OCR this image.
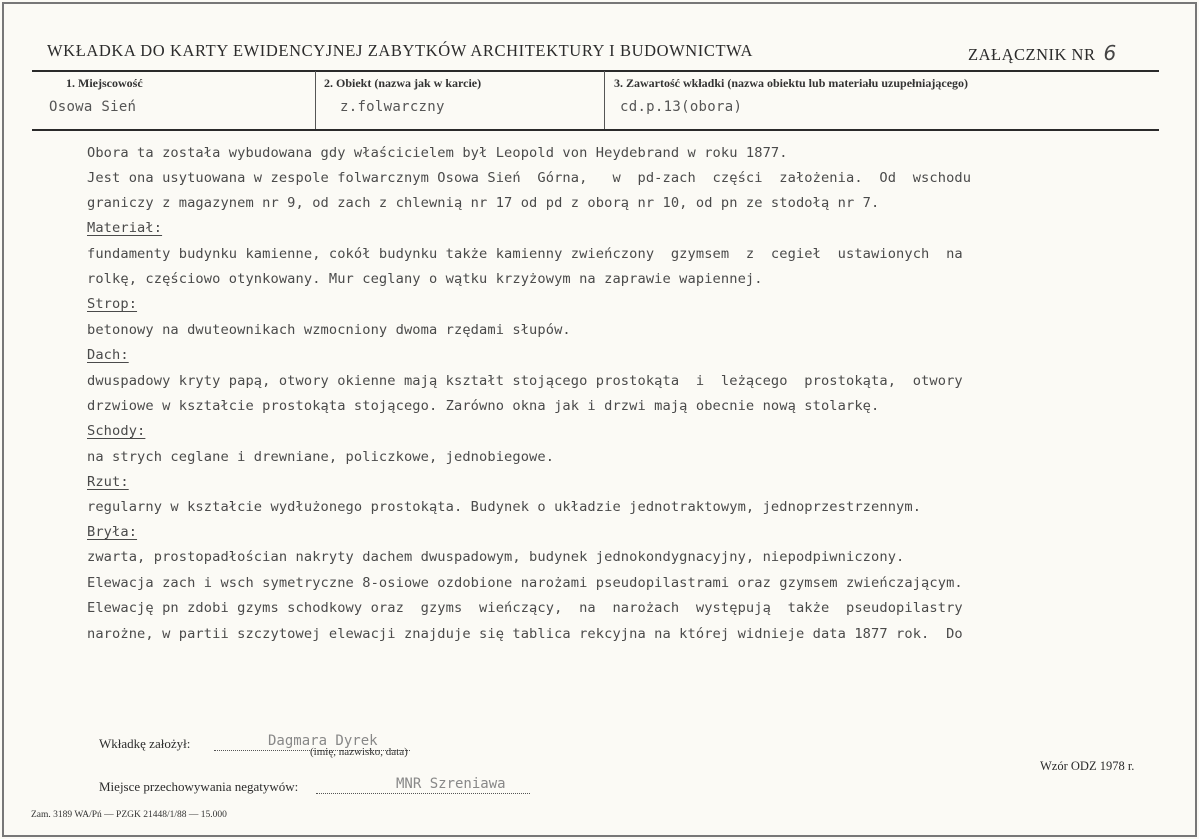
WKŁADKA DO KARTY EWIDENCYJNEJ ZABYTKÓW ARCHITEKTURY I BUDOWNICTWA	ZAŁĄCZNIK NR 6
1. Miejscowość
Osowa Sień
2. Obiekt (nazwa jak w karcie)
z.folwarczny
3. Zawartość wkładki (nazwa obiektu lub materiału uzupełniającego)
cd.p.13(obora)
Obora ta została wybudowana gdy właścicielem był Leopold von Heydebrand w roku 1877.
Jest ona usytuowana w zespole folwarcznym Osowa Sień  Górna,   w  pd-zach  części  założenia.  Od  wschodu
graniczy z magazynem nr 9, od zach z chlewnią nr 17 od pd z oborą nr 10, od pn ze stodołą nr 7.
Materiał:
fundamenty budynku kamienne, cokół budynku także kamienny zwieńczony  gzymsem  z  cegieł  ustawionych  na
rolkę, częściowo otynkowany. Mur ceglany o wątku krzyżowym na zaprawie wapiennej.
Strop:
betonowy na dwuteownikach wzmocniony dwoma rzędami słupów.
Dach:
dwuspadowy kryty papą, otwory okienne mają kształt stojącego prostokąta  i  leżącego  prostokąta,  otwory
drzwiowe w kształcie prostokąta stojącego. Zarówno okna jak i drzwi mają obecnie nową stolarkę.
Schody:
na strych ceglane i drewniane, policzkowe, jednobiegowe.
Rzut:
regularny w kształcie wydłużonego prostokąta. Budynek o układzie jednotraktowym, jednoprzestrzennym.
Bryła:
zwarta, prostopadłościan nakryty dachem dwuspadowym, budynek jednokondygnacyjny, niepodpiwniczony.
Elewacja zach i wsch symetryczne 8-osiowe ozdobione narożami pseudopilastrami oraz gzymsem zwieńczającym.
Elewację pn zdobi gzyms schodkowy oraz  gzyms  wieńczący,  na  narożach  występują  także  pseudopilastry
narożne, w partii szczytowej elewacji znajduje się tablica rekcyjna na której widnieje data 1877 rok.  Do
Wkładkę założył:	Dagmara Dyrek
(imię, nazwisko, data)
Wzór ODZ 1978 r.
Miejsce przechowywania negatywów:	MNR Szreniawa
Zam. 3189 WA/Pń — PZGK 21448/1/88 — 15.000
